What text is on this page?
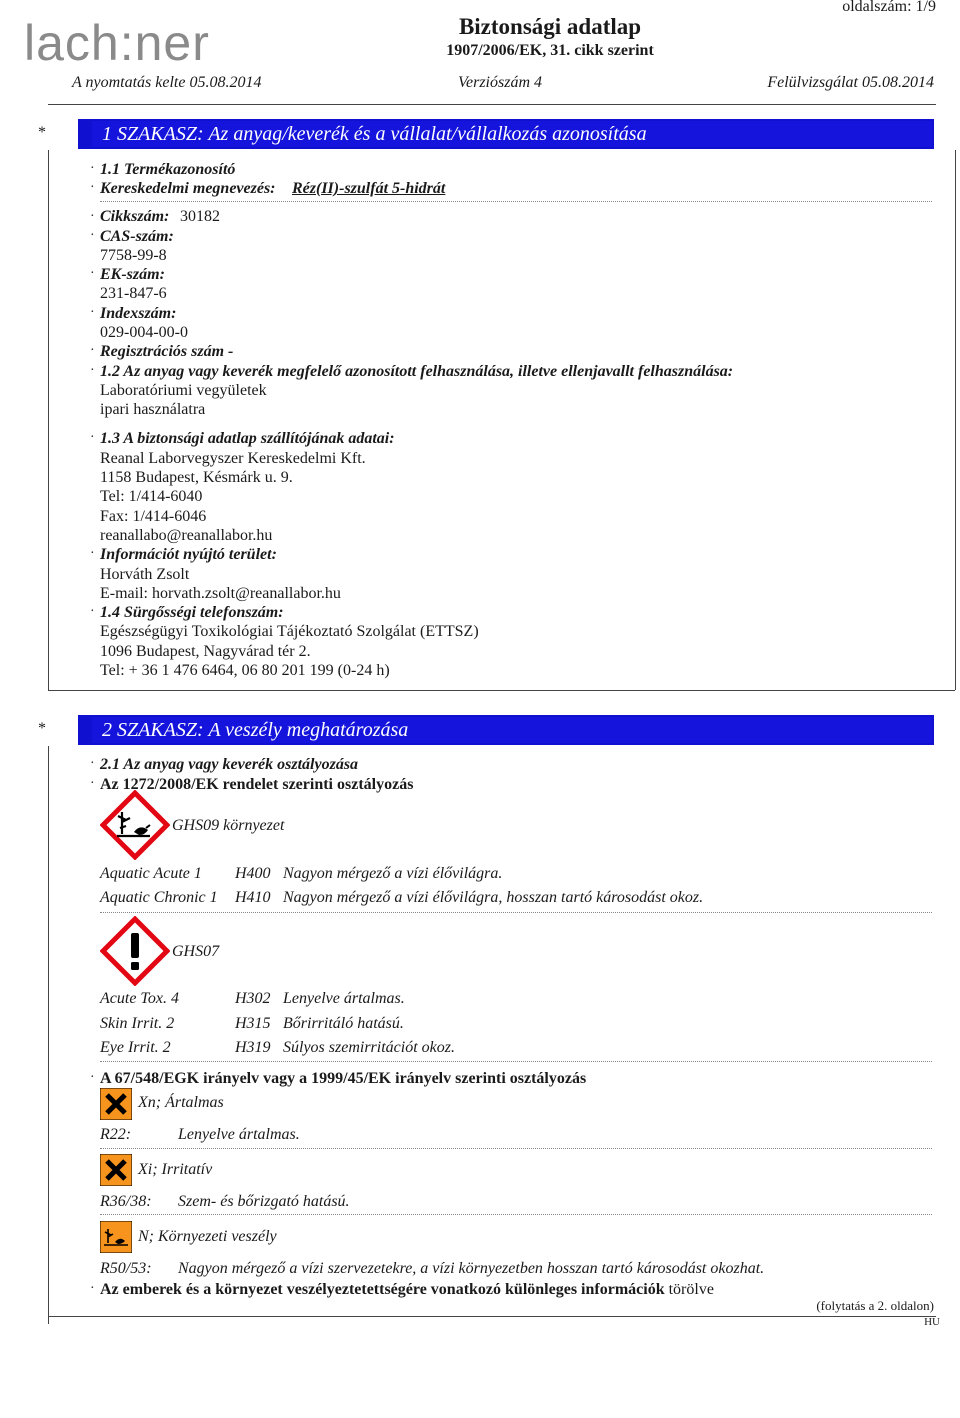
lach:ner	Biztonsági adatlap
1907/2006/EK, 31. cikk szerint
oldalszám: 1/9
A nyomtatás kelte 05.08.2014	Verziószám 4	Felülvizsgálat 05.08.2014
*	1 SZAKASZ: Az anyag/keverék és a vállalat/vállalkozás azonosítása
· 1.1 Termékazonosító
· Kereskedelmi megnevezés: Réz(II)-szulfát 5-hidrát
· Cikkszám: 30182
· CAS-szám:
7758-99-8
· EK-szám:
231-847-6
· Indexszám:
029-004-00-0
· Regisztrációs szám -
· 1.2 Az anyag vagy keverék megfelelő azonosított felhasználása, illetve ellenjavallt felhasználása:
Laboratóriumi vegyületek
ipari használatra
· 1.3 A biztonsági adatlap szállítójának adatai:
Reanal Laborvegyszer Kereskedelmi Kft.
1158 Budapest, Késmárk u. 9.
Tel: 1/414-6040
Fax: 1/414-6046
reanallabo@reanallabor.hu
· Információt nyújtó terület:
Horváth Zsolt
E-mail: horvath.zsolt@reanallabor.hu
· 1.4 Sürgősségi telefonszám:
Egészségügyi Toxikológiai Tájékoztató Szolgálat (ETTSZ)
1096 Budapest, Nagyvárad tér 2.
Tel: + 36 1 476 6464, 06 80 201 199 (0-24 h)
*	2 SZAKASZ: A veszély meghatározása
· 2.1 Az anyag vagy keverék osztályozása
· Az 1272/2008/EK rendelet szerinti osztályozás
GHS09 környezet
Aquatic Acute 1 H400 Nagyon mérgező a vízi élővilágra.
Aquatic Chronic 1 H410 Nagyon mérgező a vízi élővilágra, hosszan tartó károsodást okoz.
GHS07
Acute Tox. 4	H302 Lenyelve ártalmas.
Skin Irrit. 2	H315 Bőrirritáló hatású.
Eye Irrit. 2	H319 Súlyos szemirritációt okoz.
· A 67/548/EGK irányelv vagy a 1999/45/EK irányelv szerinti osztályozás
Xn; Ártalmas
R22:	Lenyelve ártalmas.
Xi; Irritatív
R36/38: Szem- és bőrizgató hatású.
N; Környezeti veszély
R50/53: Nagyon mérgező a vízi szervezetekre, a vízi környezetben hosszan tartó károsodást okozhat.
· Az emberek és a környezet veszélyeztetettségére vonatkozó különleges információk törölve
(folytatás a 2. oldalon)
HU
